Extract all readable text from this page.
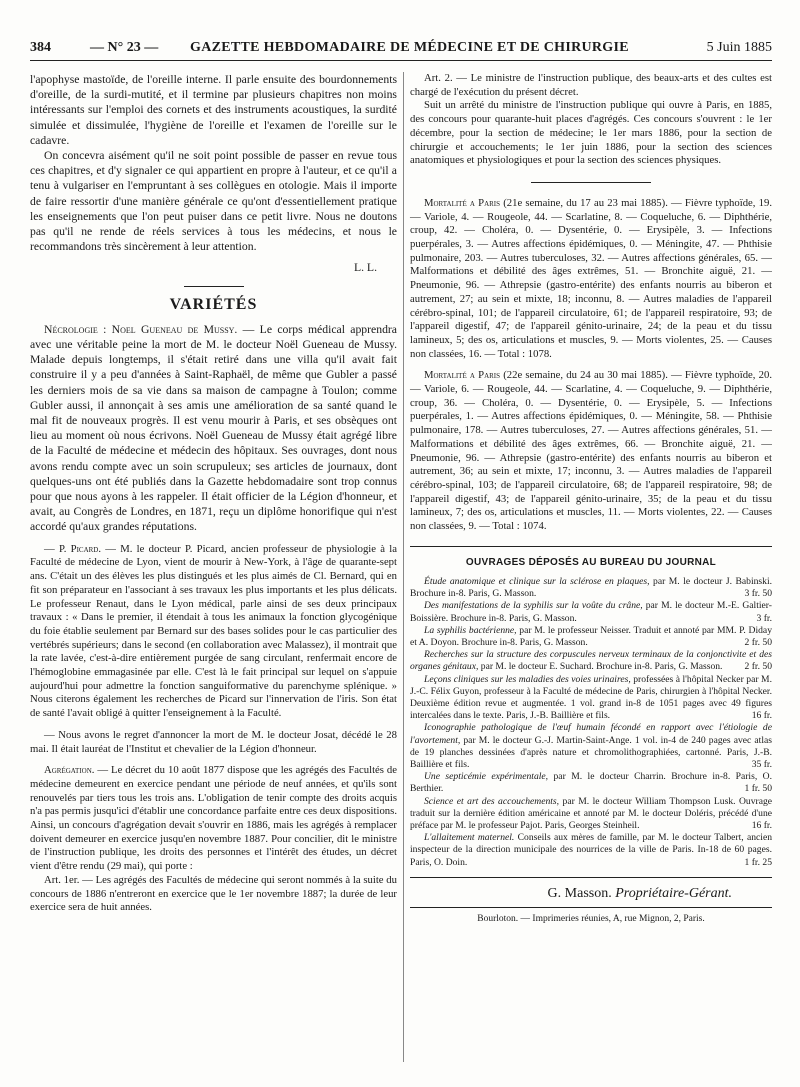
384	— N° 23 — GAZETTE HEBDOMADAIRE DE MÉDECINE ET DE CHIRURGIE	5 Juin 1885

l'apophyse mastoïde, de l'oreille interne. Il parle ensuite des bourdonnements d'oreille, de la surdi-mutité, et il termine par plusieurs chapitres non moins intéressants sur l'emploi des cornets et des instruments acoustiques, la surdité simulée et dissimulée, l'hygiène de l'oreille et l'examen de l'oreille sur le cadavre.

On concevra aisément qu'il ne soit point possible de passer en revue tous ces chapitres, et d'y signaler ce qui appartient en propre à l'auteur, et ce qu'il a tenu à vulgariser en l'empruntant à ses collègues en otologie. Mais il importe de faire ressortir d'une manière générale ce qu'ont d'essentiellement pratique les enseignements que l'on peut puiser dans ce petit livre. Nous ne doutons pas qu'il ne rende de réels services à tous les médecins, et nous le recommandons très sincèrement à leur attention.

L. L.
VARIÉTÉS

Nécrologie : Noel Gueneau de Mussy. — Le corps médical apprendra avec une véritable peine la mort de M. le docteur Noël Gueneau de Mussy. Malade depuis longtemps, il s'était retiré dans une villa qu'il avait fait construire il y a peu d'années à Saint-Raphaël, de même que Gubler a passé les derniers mois de sa vie dans sa maison de campagne à Toulon; comme Gubler aussi, il annonçait à ses amis une amélioration de sa santé quand le mal fit de nouveaux progrès. Il est venu mourir à Paris, et ses obsèques ont lieu au moment où nous écrivons. Noël Gueneau de Mussy était agrégé libre de la Faculté de médecine et médecin des hôpitaux. Ses ouvrages, dont nous avons rendu compte avec un soin scrupuleux; ses articles de journaux, dont quelques-uns ont été publiés dans la Gazette hebdomadaire sont trop connus pour que nous ayons à les rappeler. Il était officier de la Légion d'honneur, et avait, au Congrès de Londres, en 1871, reçu un diplôme honorifique qui n'est accordé qu'aux grandes réputations.

— P. Picard. — M. le docteur P. Picard, ancien professeur de physiologie à la Faculté de médecine de Lyon, vient de mourir à New-York, à l'âge de quarante-sept ans. C'était un des élèves les plus distingués et les plus aimés de Cl. Bernard, qui en fit son préparateur en l'associant à ses travaux les plus importants et les plus délicats. Le professeur Renaut, dans le Lyon médical, parle ainsi de ses deux principaux travaux : « Dans le premier, il étendait à tous les animaux la fonction glycogénique du foie établie seulement par Bernard sur des bases solides pour le cas particulier des vertébrés supérieurs; dans le second (en collaboration avec Malassez), il montrait que la rate lavée, c'est-à-dire entièrement purgée de sang circulant, renfermait encore de l'hémoglobine emmagasinée par elle. C'est là le fait principal sur lequel on s'appuie aujourd'hui pour admettre la fonction sanguiformative du parenchyme splénique. » Nous citerons également les recherches de Picard sur l'innervation de l'iris. Son état de santé l'avait obligé à quitter l'enseignement à la Faculté.

— Nous avons le regret d'annoncer la mort de M. le docteur Josat, décédé le 28 mai. Il était lauréat de l'Institut et chevalier de la Légion d'honneur.

Agrégation. — Le décret du 10 août 1877 dispose que les agrégés des Facultés de médecine demeurent en exercice pendant une période de neuf années, et qu'ils sont renouvelés par tiers tous les trois ans. L'obligation de tenir compte des droits acquis n'a pas permis jusqu'ici d'établir une concordance parfaite entre ces deux dispositions. Ainsi, un concours d'agrégation devait s'ouvrir en 1886, mais les agrégés à remplacer doivent demeurer en exercice jusqu'en novembre 1887. Pour concilier, dit le ministre de l'instruction publique, les droits des personnes et l'intérêt des études, un décret vient d'être rendu (29 mai), qui porte :

Art. 1er. — Les agrégés des Facultés de médecine qui seront nommés à la suite du concours de 1886 n'entreront en exercice que le 1er novembre 1887; la durée de leur exercice sera de huit années.

Art. 2. — Le ministre de l'instruction publique, des beaux-arts et des cultes est chargé de l'exécution du présent décret.

Suit un arrêté du ministre de l'instruction publique qui ouvre à Paris, en 1885, des concours pour quarante-huit places d'agrégés. Ces concours s'ouvrent : le 1er décembre, pour la section de médecine; le 1er mars 1886, pour la section de chirurgie et accouchements; le 1er juin 1886, pour la section des sciences anatomiques et physiologiques et pour la section des sciences physiques.

Mortalité a Paris (21e semaine, du 17 au 23 mai 1885). — Fièvre typhoïde, 19. — Variole, 4. — Rougeole, 44. — Scarlatine, 8. — Coqueluche, 6. — Diphthérie, croup, 42. — Choléra, 0. — Dysentérie, 0. — Erysipèle, 3. — Infections puerpérales, 3. — Autres affections épidémiques, 0. — Méningite, 47. — Phthisie pulmonaire, 203. — Autres tuberculoses, 32. — Autres affections générales, 65. — Malformations et débilité des âges extrêmes, 51. — Bronchite aiguë, 21. — Pneumonie, 96. — Athrepsie (gastro-entérite) des enfants nourris au biberon et autrement, 27; au sein et mixte, 18; inconnu, 8. — Autres maladies de l'appareil cérébro-spinal, 101; de l'appareil circulatoire, 61; de l'appareil respiratoire, 93; de l'appareil digestif, 47; de l'appareil génito-urinaire, 24; de la peau et du tissu lamineux, 5; des os, articulations et muscles, 9. — Morts violentes, 25. — Causes non classées, 16. — Total : 1078.

Mortalité a Paris (22e semaine, du 24 au 30 mai 1885). — Fièvre typhoïde, 20. — Variole, 6. — Rougeole, 44. — Scarlatine, 4. — Coqueluche, 9. — Diphthérie, croup, 36. — Choléra, 0. — Dysentérie, 0. — Erysipèle, 5. — Infections puerpérales, 1. — Autres affections épidémiques, 0. — Méningite, 58. — Phthisie pulmonaire, 178. — Autres tuberculoses, 27. — Autres affections générales, 51. — Malformations et débilité des âges extrêmes, 66. — Bronchite aiguë, 21. — Pneumonie, 96. — Athrepsie (gastro-entérite) des enfants nourris au biberon et autrement, 36; au sein et mixte, 17; inconnu, 3. — Autres maladies de l'appareil cérébro-spinal, 103; de l'appareil circulatoire, 68; de l'appareil respiratoire, 98; de l'appareil digestif, 43; de l'appareil génito-urinaire, 35; de la peau et du tissu lamineux, 7; des os, articulations et muscles, 11. — Morts violentes, 22. — Causes non classées, 9. — Total : 1074.

OUVRAGES DÉPOSÉS AU BUREAU DU JOURNAL

Étude anatomique et clinique sur la sclérose en plaques, par M. le docteur J. Babinski. Brochure in-8. Paris, G. Masson.	3 fr. 50

Des manifestations de la syphilis sur la voûte du crâne, par M. le docteur M.-E. Galtier-Boissière. Brochure in-8. Paris, G. Masson.	3 fr.

La syphilis bactérienne, par M. le professeur Neisser. Traduit et annoté par MM. P. Diday et A. Doyon. Brochure in-8. Paris, G. Masson.	2 fr. 50

Recherches sur la structure des corpuscules nerveux terminaux de la conjonctivite et des organes génitaux, par M. le docteur E. Suchard. Brochure in-8. Paris, G. Masson.	2 fr. 50

Leçons cliniques sur les maladies des voies urinaires, professées à l'hôpital Necker par M. J.-C. Félix Guyon, professeur à la Faculté de médecine de Paris, chirurgien à l'hôpital Necker. Deuxième édition revue et augmentée. 1 vol. grand in-8 de 1051 pages avec 49 figures intercalées dans le texte. Paris, J.-B. Baillière et fils.	16 fr.

Iconographie pathologique de l'œuf humain fécondé en rapport avec l'étiologie de l'avortement, par M. le docteur G.-J. Martin-Saint-Ange. 1 vol. in-4 de 240 pages avec atlas de 19 planches dessinées d'après nature et chromolithographiées, cartonné. Paris, J.-B. Baillière et fils.	35 fr.

Une septicémie expérimentale, par M. le docteur Charrin. Brochure in-8. Paris, O. Berthier.	1 fr. 50

Science et art des accouchements, par M. le docteur William Thompson Lusk. Ouvrage traduit sur la dernière édition américaine et annoté par M. le docteur Doléris, précédé d'une préface par M. le professeur Pajot. Paris, Georges Steinheil.	16 fr.

L'allaitement maternel. Conseils aux mères de famille, par M. le docteur Talbert, ancien inspecteur de la direction municipale des nourrices de la ville de Paris. In-18 de 60 pages. Paris, O. Doin.	1 fr. 25

G. Masson. Propriétaire-Gérant.
Bourloton. — Imprimeries réunies, A, rue Mignon, 2, Paris.
